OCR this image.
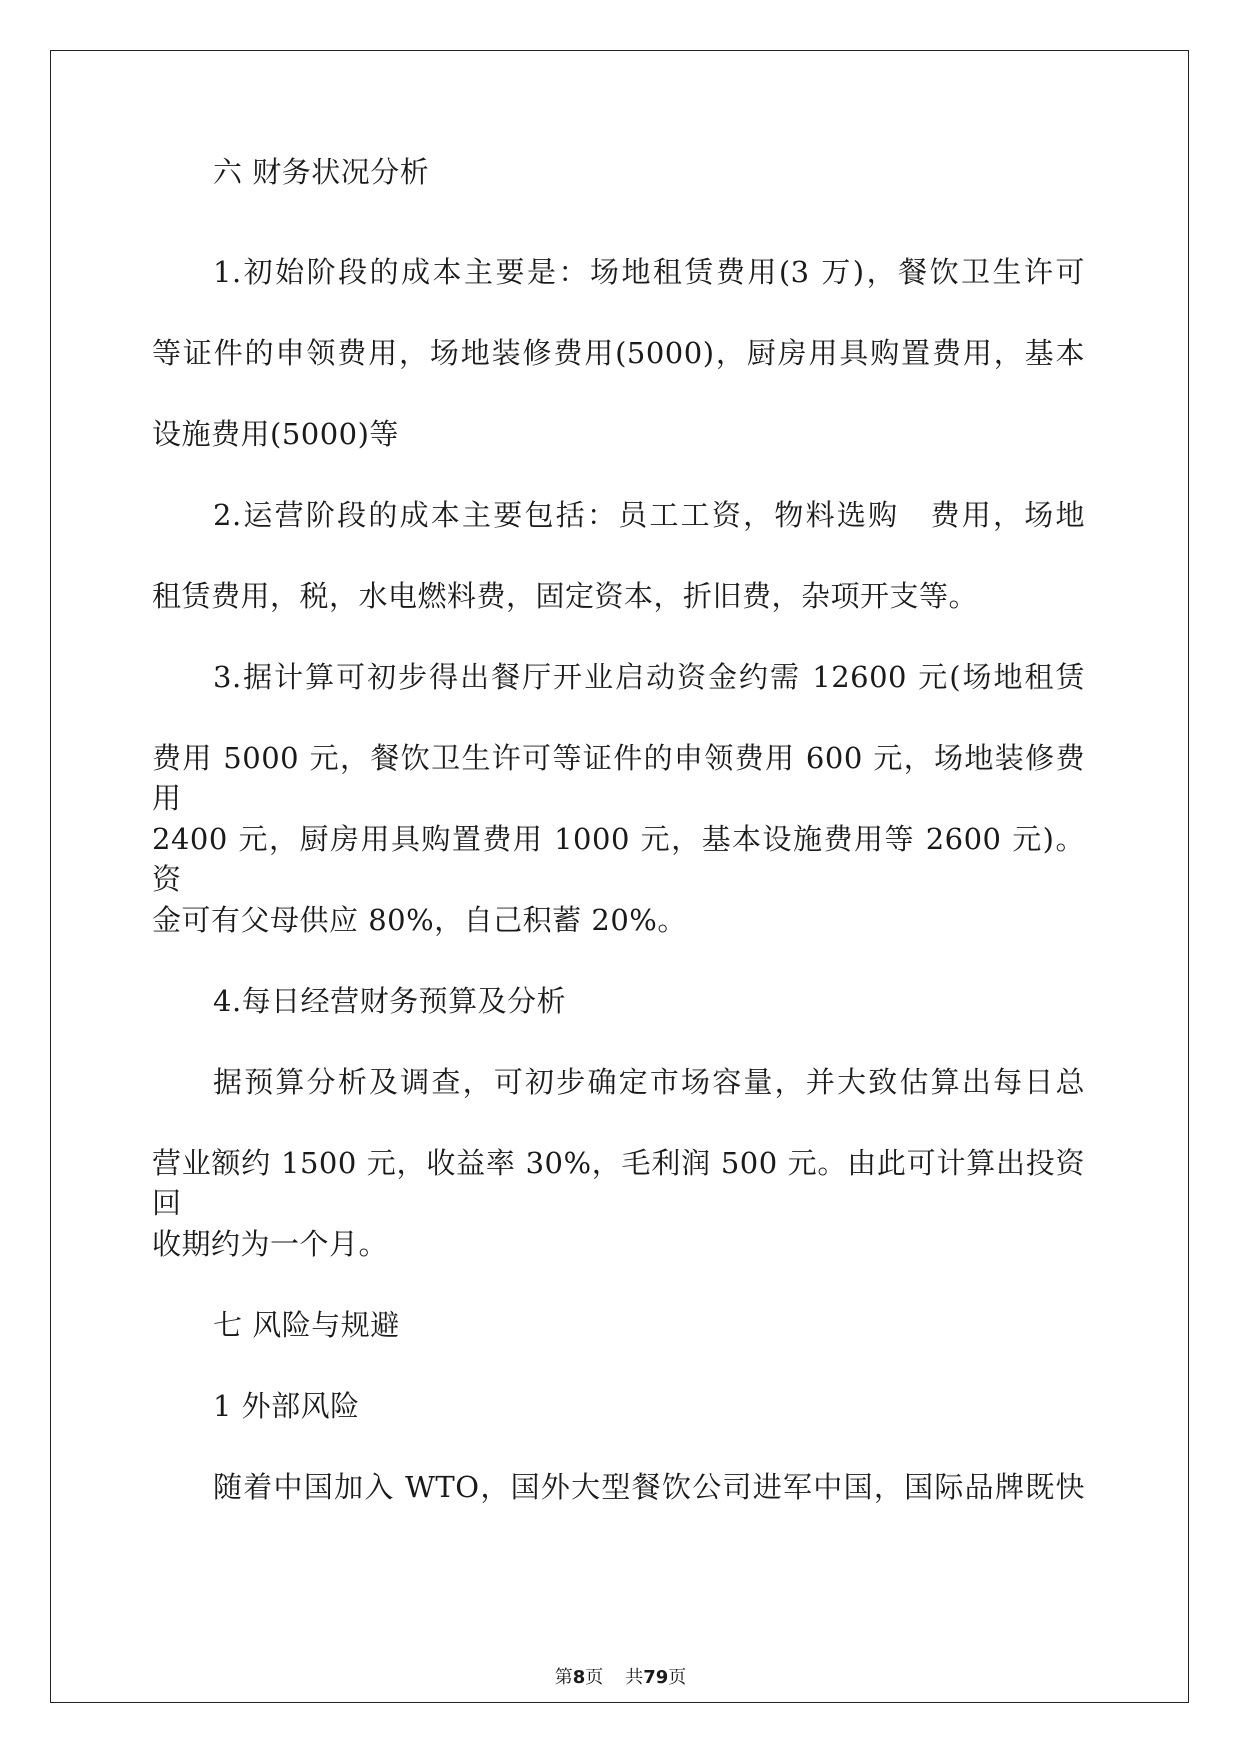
六 财务状况分析
1.初始阶段的成本主要是：场地租赁费用(3 万)，餐饮卫生许可
等证件的申领费用，场地装修费用(5000)，厨房用具购置费用，基本
设施费用(5000)等
2.运营阶段的成本主要包括：员工工资，物料选购　费用，场地
租赁费用，税，水电燃料费，固定资本，折旧费，杂项开支等。
3.据计算可初步得出餐厅开业启动资金约需 12600 元(场地租赁
费用 5000 元，餐饮卫生许可等证件的申领费用 600 元，场地装修费用
2400 元，厨房用具购置费用 1000 元，基本设施费用等 2600 元)。资
金可有父母供应 80%，自己积蓄 20%。
4.每日经营财务预算及分析
据预算分析及调查，可初步确定市场容量，并大致估算出每日总
营业额约 1500 元，收益率 30%，毛利润 500 元。由此可计算出投资回
收期约为一个月。
七 风险与规避
1 外部风险
随着中国加入 WTO，国外大型餐饮公司进军中国，国际品牌既快
第8页 共79页
